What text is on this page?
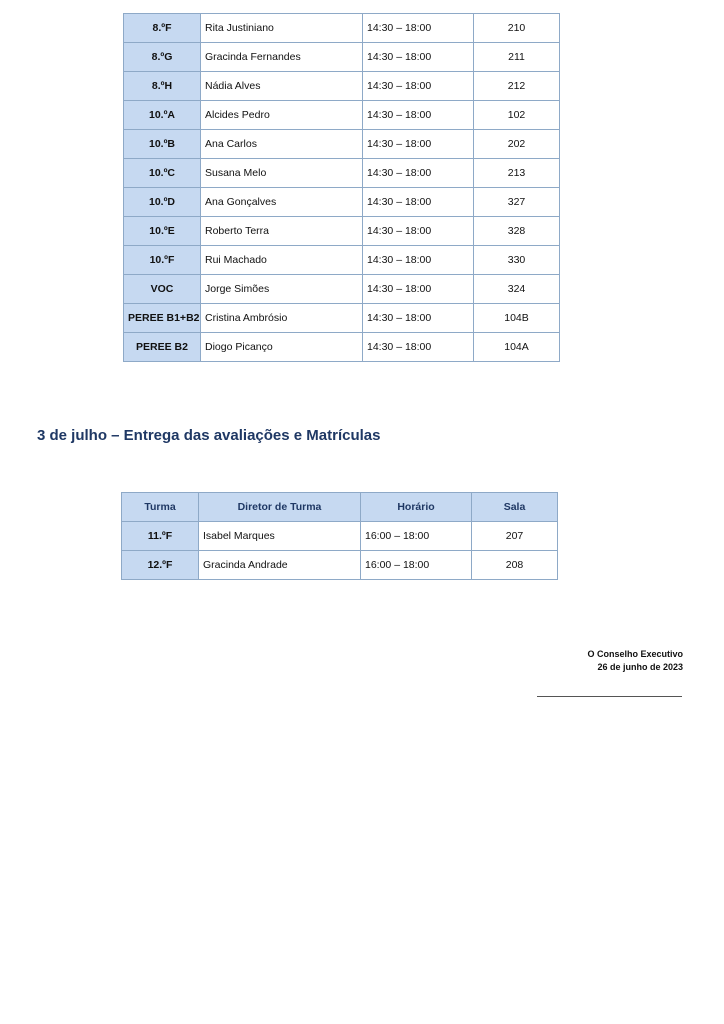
8.ºF	Rita Justiniano	14:30 – 18:00	210
8.ºG	Gracinda Fernandes	14:30 – 18:00	211
8.ºH	Nádia Alves	14:30 – 18:00	212
10.ºA	Alcides Pedro	14:30 – 18:00	102
10.ºB	Ana Carlos	14:30 – 18:00	202
10.ºC	Susana Melo	14:30 – 18:00	213
10.ºD	Ana Gonçalves	14:30 – 18:00	327
10.ºE	Roberto Terra	14:30 – 18:00	328
10.ºF	Rui Machado	14:30 – 18:00	330
VOC	Jorge Simões	14:30 – 18:00	324
PEREE B1+B2	Cristina Ambrósio	14:30 – 18:00	104B
PEREE B2	Diogo Picanço	14:30 – 18:00	104A
3 de julho – Entrega das avaliações e Matrículas
Turma	Diretor de Turma	Horário	Sala
11.ºF	Isabel Marques	16:00 – 18:00	207
12.ºF	Gracinda Andrade	16:00 – 18:00	208
O Conselho Executivo
26 de junho de 2023
